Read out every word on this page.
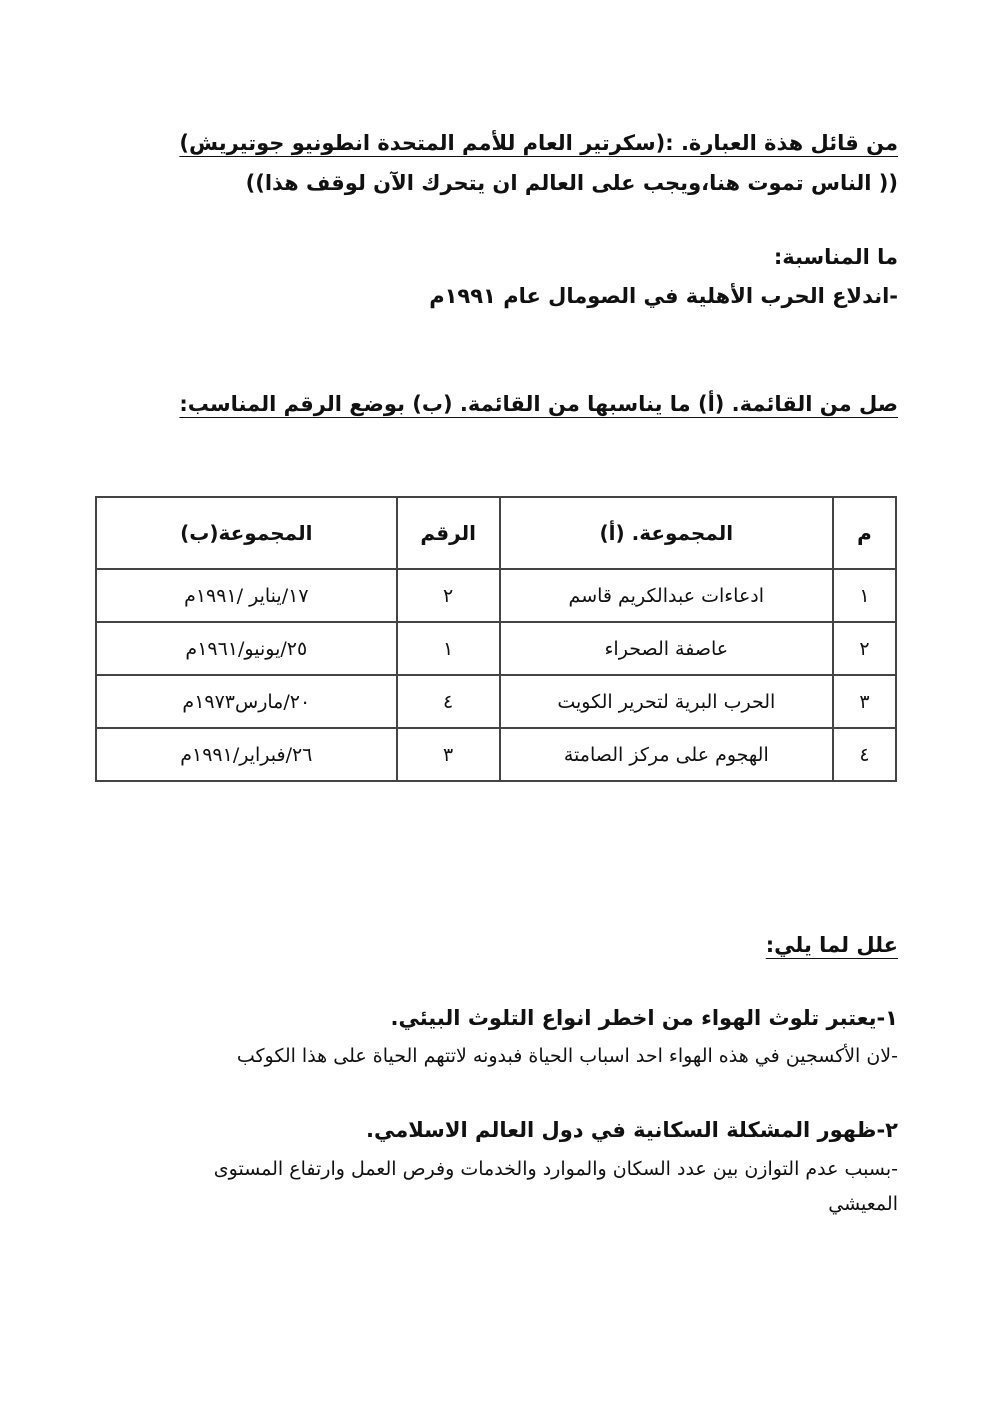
من قائل هذة العبارة. :(سكرتير العام للأمم المتحدة انطونيو جوتيريش)
(( الناس تموت هنا،ويجب على العالم ان يتحرك الآن لوقف هذا))
ما المناسبة:
-اندلاع الحرب الأهلية في الصومال عام ١٩٩١م
صل من القائمة. (أ) ما يناسبها من القائمة. (ب) بوضع الرقم المناسب:
م	المجموعة. (أ)	الرقم	المجموعة(ب)
١	ادعاءات عبدالكريم قاسم	٢	١٧/يناير /١٩٩١م
٢	عاصفة الصحراء	١	٢٥/يونيو/١٩٦١م
٣	الحرب البرية لتحرير الكويت	٤	٢٠/مارس١٩٧٣م
٤	الهجوم على مركز الصامتة	٣	٢٦/فبراير/١٩٩١م
علل لما يلي:
١-يعتبر تلوث الهواء من اخطر انواع التلوث البيئي.
-لان الأكسجين في هذه الهواء احد اسباب الحياة فبدونه لاتتهم الحياة على هذا الكوكب
٢-ظهور المشكلة السكانية في دول العالم الاسلامي.
-بسبب عدم التوازن بين عدد السكان والموارد والخدمات وفرص العمل وارتفاع المستوى
المعيشي
